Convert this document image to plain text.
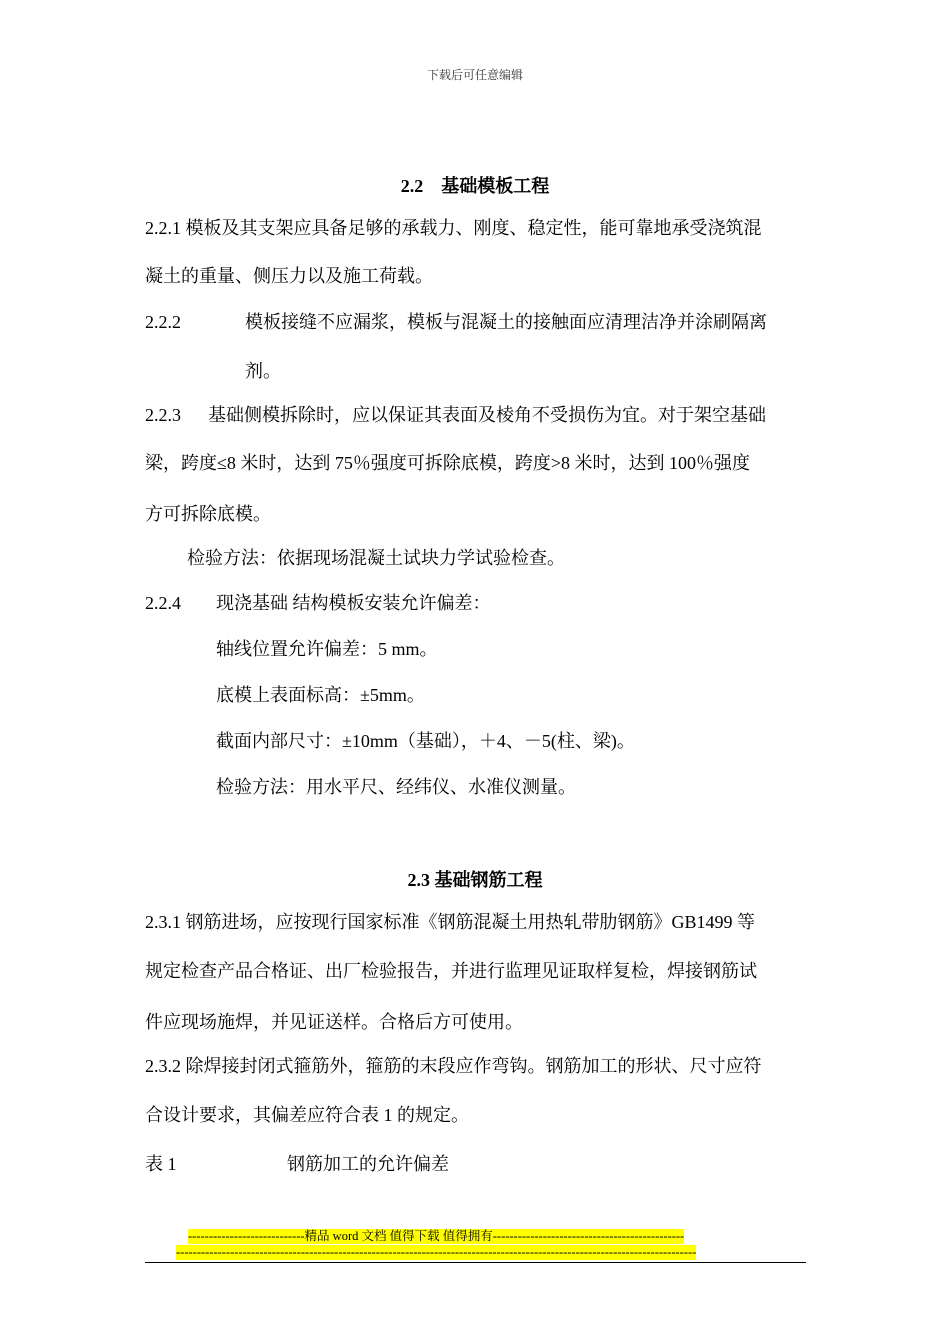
下载后可任意编辑
2.2　基础模板工程
2.2.1 模板及其支架应具备足够的承载力、刚度、稳定性，能可靠地承受浇筑混
凝土的重量、侧压力以及施工荷载。
2.2.2	模板接缝不应漏浆，模板与混凝土的接触面应清理洁净并涂刷隔离
剂。
2.2.3      基础侧模拆除时，应以保证其表面及棱角不受损伤为宜。对于架空基础
梁，跨度≤8 米时，达到 75％强度可拆除底模，跨度>8 米时，达到 100％强度
方可拆除底模。
检验方法：依据现场混凝土试块力学试验检查。
2.2.4 现浇基础 结构模板安装允许偏差：
轴线位置允许偏差：5 mm。
底模上表面标高：±5mm。
截面内部尺寸：±10mm（基础），＋4、－5(柱、梁)。
检验方法：用水平尺、经纬仪、水准仪测量。
2.3 基础钢筋工程
2.3.1 钢筋进场，应按现行国家标准《钢筋混凝土用热轧带肋钢筋》GB1499 等
规定检查产品合格证、出厂检验报告，并进行监理见证取样复检，焊接钢筋试
件应现场施焊，并见证送样。合格后方可使用。
2.3.2 除焊接封闭式箍筋外，箍筋的末段应作弯钩。钢筋加工的形状、尺寸应符
合设计要求，其偏差应符合表 1 的规定。
表 1	钢筋加工的允许偏差
----------------------------精品 word 文档 值得下载 值得拥有----------------------------------------------
-----------------------------------------------------------------------------------------------------------------------------
